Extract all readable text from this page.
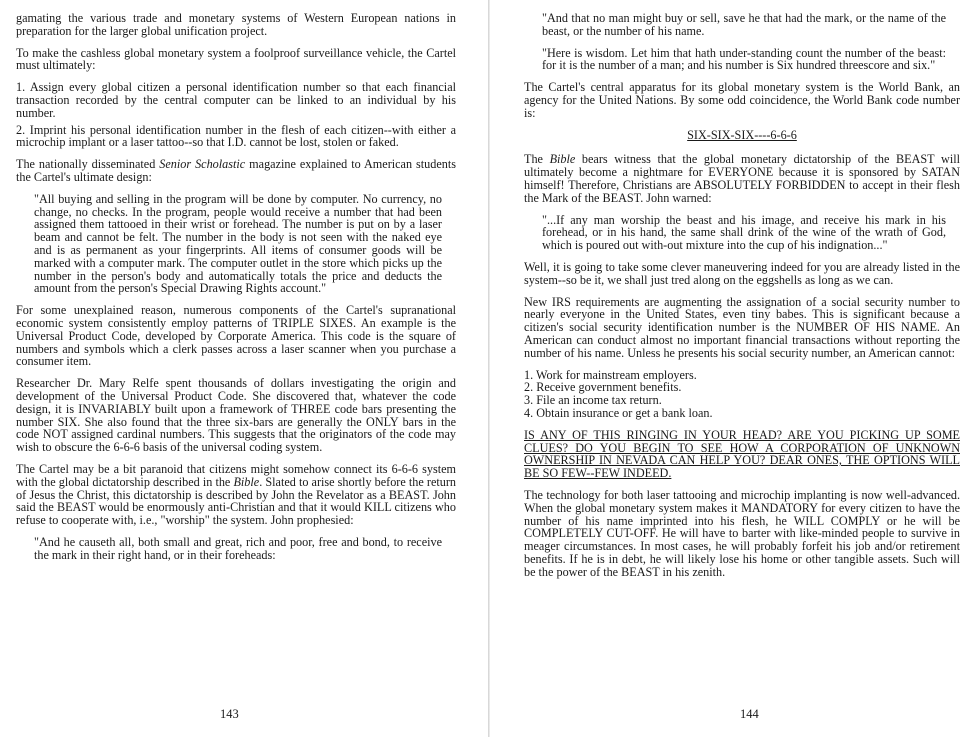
gamating the various trade and monetary systems of Western European nations in preparation for the larger global unification project.

To make the cashless global monetary system a foolproof surveillance vehicle, the Cartel must ultimately:

1. Assign every global citizen a personal identification number so that each financial transaction recorded by the central computer can be linked to an individual by his number.

2. Imprint his personal identification number in the flesh of each citizen--with either a microchip implant or a laser tattoo--so that I.D. cannot be lost, stolen or faked.

The nationally disseminated Senior Scholastic magazine explained to American students the Cartel's ultimate design:

"All buying and selling in the program will be done by computer. No currency, no change, no checks. In the program, people would receive a number that had been assigned them tattooed in their wrist or forehead. The number is put on by a laser beam and cannot be felt. The number in the body is not seen with the naked eye and is as permanent as your fingerprints. All items of consumer goods will be marked with a computer mark. The computer outlet in the store which picks up the number in the person's body and automatically totals the price and deducts the amount from the person's Special Drawing Rights account."

For some unexplained reason, numerous components of the Cartel's supranational economic system consistently employ patterns of TRIPLE SIXES. An example is the Universal Product Code, developed by Corporate America. This code is the square of numbers and symbols which a clerk passes across a laser scanner when you purchase a consumer item.

Researcher Dr. Mary Relfe spent thousands of dollars investigating the origin and development of the Universal Product Code. She discovered that, whatever the code design, it is INVARIABLY built upon a framework of THREE code bars presenting the number SIX. She also found that the three six-bars are generally the ONLY bars in the code NOT assigned cardinal numbers. This suggests that the originators of the code may wish to obscure the 6-6-6 basis of the universal coding system.

The Cartel may be a bit paranoid that citizens might somehow connect its 6-6-6 system with the global dictatorship described in the Bible. Slated to arise shortly before the return of Jesus the Christ, this dictatorship is described by John the Revelator as a BEAST. John said the BEAST would be enormously anti-Christian and that it would KILL citizens who refuse to cooperate with, i.e., "worship" the system. John prophesied:

"And he causeth all, both small and great, rich and poor, free and bond, to receive the mark in their right hand, or in their foreheads:

143

"And that no man might buy or sell, save he that had the mark, or the name of the beast, or the number of his name.

"Here is wisdom. Let him that hath under-standing count the number of the beast: for it is the number of a man; and his number is Six hundred threescore and six."

The Cartel's central apparatus for its global monetary system is the World Bank, an agency for the United Nations. By some odd coincidence, the World Bank code number is:

SIX-SIX-SIX----6-6-6

The Bible bears witness that the global monetary dictatorship of the BEAST will ultimately become a nightmare for EVERYONE because it is sponsored by SATAN himself! Therefore, Christians are ABSOLUTELY FORBIDDEN to accept in their flesh the Mark of the BEAST. John warned:

"...If any man worship the beast and his image, and receive his mark in his forehead, or in his hand, the same shall drink of the wine of the wrath of God, which is poured out with-out mixture into the cup of his indignation..."

Well, it is going to take some clever maneuvering indeed for you are already listed in the system--so be it, we shall just tred along on the eggshells as long as we can.

New IRS requirements are augmenting the assignation of a social security number to nearly everyone in the United States, even tiny babes. This is significant because a citizen's social security identification number is the NUMBER OF HIS NAME. An American can conduct almost no important financial transactions without reporting the number of his name. Unless he presents his social security number, an American cannot:

1. Work for mainstream employers.
2. Receive government benefits.
3. File an income tax return.
4. Obtain insurance or get a bank loan.

IS ANY OF THIS RINGING IN YOUR HEAD? ARE YOU PICKING UP SOME CLUES? DO YOU BEGIN TO SEE HOW A CORPORATION OF UNKNOWN OWNERSHIP IN NEVADA CAN HELP YOU? DEAR ONES, THE OPTIONS WILL BE SO FEW--FEW INDEED.

The technology for both laser tattooing and microchip implanting is now well-advanced. When the global monetary system makes it MANDATORY for every citizen to have the number of his name imprinted into his flesh, he WILL COMPLY or he will be COMPLETELY CUT-OFF. He will have to barter with like-minded people to survive in meager circumstances. In most cases, he will probably forfeit his job and/or retirement benefits. If he is in debt, he will likely lose his home or other tangible assets. Such will be the power of the BEAST in his zenith.

144
